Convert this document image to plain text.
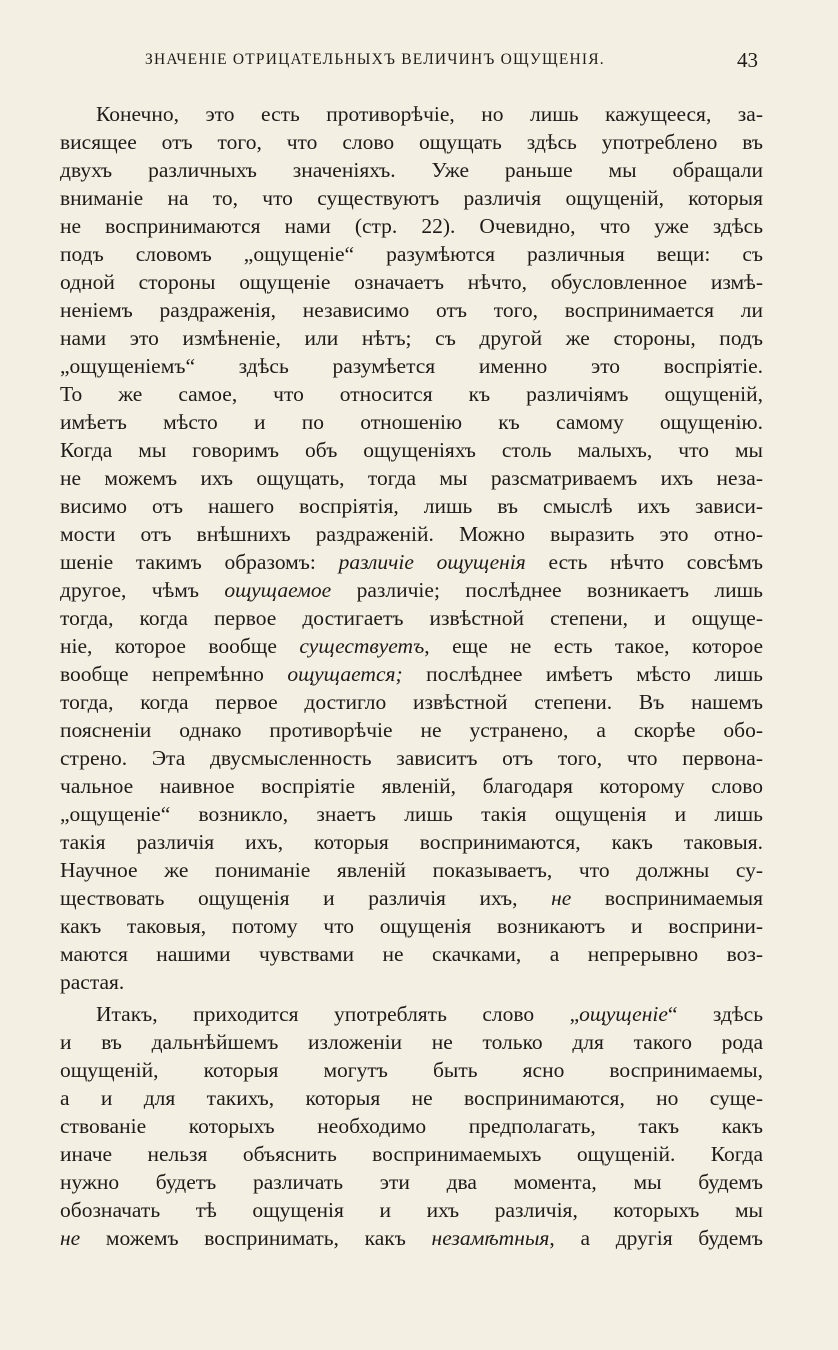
ЗНАЧЕНІЕ ОТРИЦАТЕЛЬНЫХЪ ВЕЛИЧИНЪ ОЩУЩЕНІЯ.	43
Конечно, это есть противорѣчіе, но лишь кажущееся, за-
висящее отъ того, что слово ощущать здѣсь употреблено въ
двухъ различныхъ значеніяхъ. Уже раньше мы обращали
вниманіе на то, что существуютъ различія ощущеній, которыя
не воспринимаются нами (стр. 22). Очевидно, что уже здѣсь
подъ словомъ „ощущеніе“ разумѣются различныя вещи: съ
одной стороны ощущеніе означаетъ нѣчто, обусловленное измѣ-
неніемъ раздраженія, независимо отъ того, воспринимается ли
нами это измѣненіе, или нѣтъ; съ другой же стороны, подъ
„ощущеніемъ“ здѣсь разумѣется именно это воспріятіе.
То же самое, что относится къ различіямъ ощущеній,
имѣетъ мѣсто и по отношенію къ самому ощущенію.
Когда мы говоримъ объ ощущеніяхъ столь малыхъ, что мы
не можемъ ихъ ощущать, тогда мы разсматриваемъ ихъ неза-
висимо отъ нашего воспріятія, лишь въ смыслѣ ихъ зависи-
мости отъ внѣшнихъ раздраженій. Можно выразить это отно-
шеніе такимъ образомъ: различіе ощущенія есть нѣчто совсѣмъ
другое, чѣмъ ощущаемое различіе; послѣднее возникаетъ лишь
тогда, когда первое достигаетъ извѣстной степени, и ощуще-
ніе, которое вообще существуетъ, еще не есть такое, которое
вообще непремѣнно ощущается; послѣднее имѣетъ мѣсто лишь
тогда, когда первое достигло извѣстной степени. Въ нашемъ
поясненіи однако противорѣчіе не устранено, а скорѣе обо-
стрено. Эта двусмысленность зависитъ отъ того, что первона-
чальное наивное воспріятіе явленій, благодаря которому слово
„ощущеніе“ возникло, знаетъ лишь такія ощущенія и лишь
такія различія ихъ, которыя воспринимаются, какъ таковыя.
Научное же пониманіе явленій показываетъ, что должны су-
ществовать ощущенія и различія ихъ, не воспринимаемыя
какъ таковыя, потому что ощущенія возникаютъ и восприни-
маются нашими чувствами не скачками, а непрерывно воз-
растая.
Итакъ, приходится употреблять слово „ощущеніе“ здѣсь
и въ дальнѣйшемъ изложеніи не только для такого рода
ощущеній, которыя могутъ быть ясно воспринимаемы,
а и для такихъ, которыя не воспринимаются, но суще-
ствованіе которыхъ необходимо предполагать, такъ какъ
иначе нельзя объяснить воспринимаемыхъ ощущеній. Когда
нужно будетъ различать эти два момента, мы будемъ
обозначать тѣ ощущенія и ихъ различія, которыхъ мы
не можемъ воспринимать, какъ незамѣтныя, а другія будемъ
